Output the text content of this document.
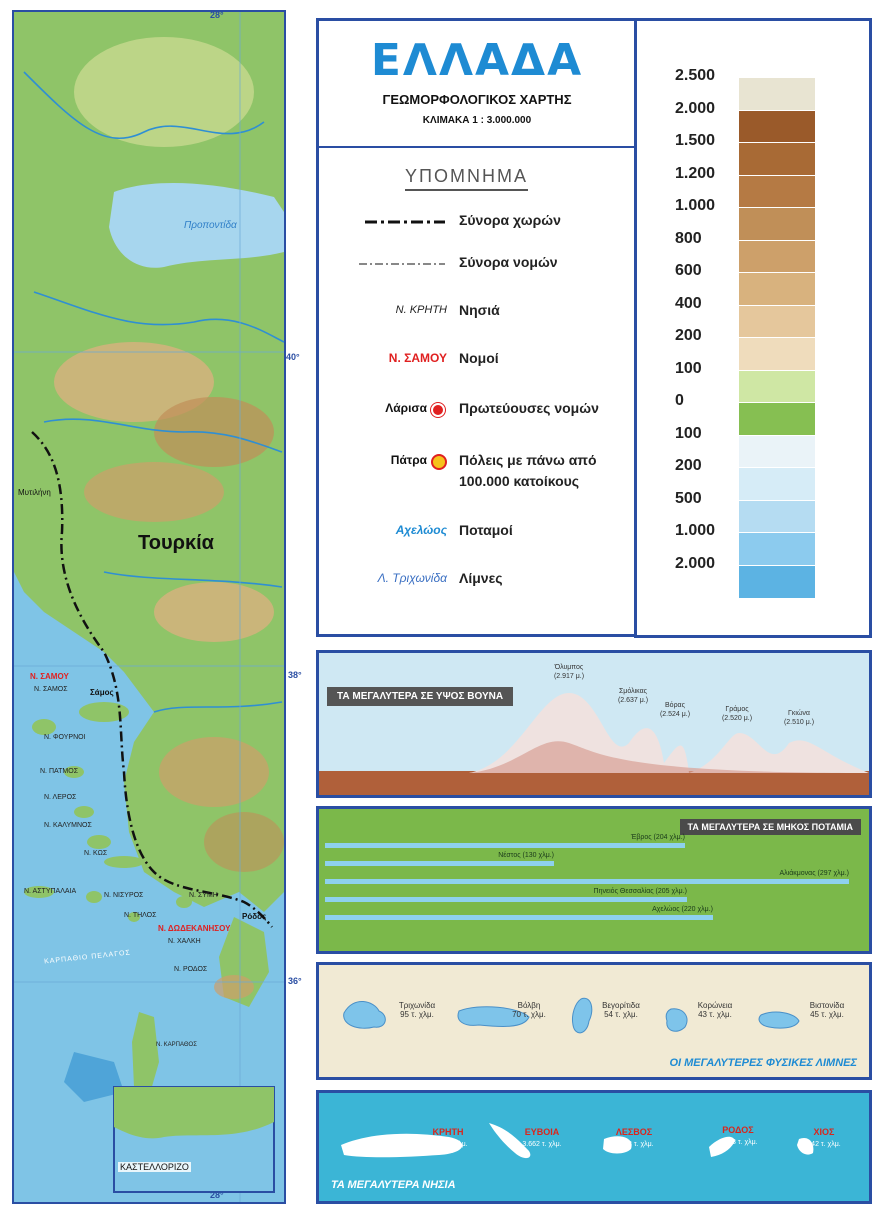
28°
40°
28°
Προποντίδα
Τουρκία
Μυτιλήνη
Ν. ΣΑΜΟΥ
Ν. ΣΑΜΟΣ	Σάμος
Ν. ΦΟΥΡΝΟΙ
Ν. ΠΑΤΜΟΣ
Ν. ΛΕΡΟΣ
Ν. ΚΑΛΥΜΝΟΣ
Ν. ΚΩΣ
Ν. ΑΣΤΥΠΑΛΑΙΑ
Ν. ΝΙΣΥΡΟΣ
Ν. ΤΗΛΟΣ
Ν. ΣΥΜΗ
Ν. ΔΩΔΕΚΑΝΗΣΟΥ
Ν. ΧΑΛΚΗ
Ρόδος
Ν. ΡΟΔΟΣ
38°
36°
ΚΑΡΠΑΘΙΟ ΠΕΛΑΓΟΣ
Ν. ΚΑΡΠΑΘΟΣ
ΚΑΣΤΕΛΛΟΡΙΖΟ
ΕΛΛΑΔΑ
ΓΕΩΜΟΡΦΟΛΟΓΙΚΟΣ ΧΑΡΤΗΣ
ΚΛΙΜΑΚΑ 1 : 3.000.000
ΥΠΟΜΝΗΜΑ
Σύνορα χωρών
Σύνορα νομών
Ν. ΚΡΗΤΗ Νησιά
Ν. ΣΑΜΟΥ Νομοί
Λάρισα Πρωτεύουσες νομών
Πάτρα Πόλεις με πάνω από 100.000 κατοίκους
Αχελώος Ποταμοί
Λ. Τριχωνίδα Λίμνες
2.500
2.000
1.500
1.200
1.000
800
600
400
200
100
0
100
200
500
1.000
2.000
ΤΑ ΜΕΓΑΛΥΤΕΡΑ ΣΕ ΥΨΟΣ ΒΟΥΝΑ
Όλυμπος
(2.917 μ.)
Σμόλικας
(2.637 μ.)
Βόρας
(2.524 μ.)
Γράμος
(2.520 μ.)
Γκιώνα
(2.510 μ.)
ΤΑ ΜΕΓΑΛΥΤΕΡΑ ΣΕ ΜΗΚΟΣ ΠΟΤΑΜΙΑ
Έβρος (204 χλμ.)
Νέστος (130 χλμ.)
Αλιάκμονας (297 χλμ.)
Πηνειός Θεσσαλίας (205 χλμ.)
Αχελώος (220 χλμ.)
Τριχωνίδα
95 τ. χλμ.
Βόλβη
70 τ. χλμ.
Βεγορίτιδα
54 τ. χλμ.
Κορώνεια
43 τ. χλμ.
Βιστονίδα
45 τ. χλμ.
ΟΙ ΜΕΓΑΛΥΤΕΡΕΣ ΦΥΣΙΚΕΣ ΛΙΜΝΕΣ
ΚΡΗΤΗ
8.261 τ. χλμ.
ΕΥΒΟΙΑ
3.662 τ. χλμ.
ΛΕΣΒΟΣ
1.633 τ. χλμ.
ΡΟΔΟΣ
1.398 τ. χλμ.
ΧΙΟΣ
842 τ. χλμ.
ΤΑ ΜΕΓΑΛΥΤΕΡΑ ΝΗΣΙΑ
